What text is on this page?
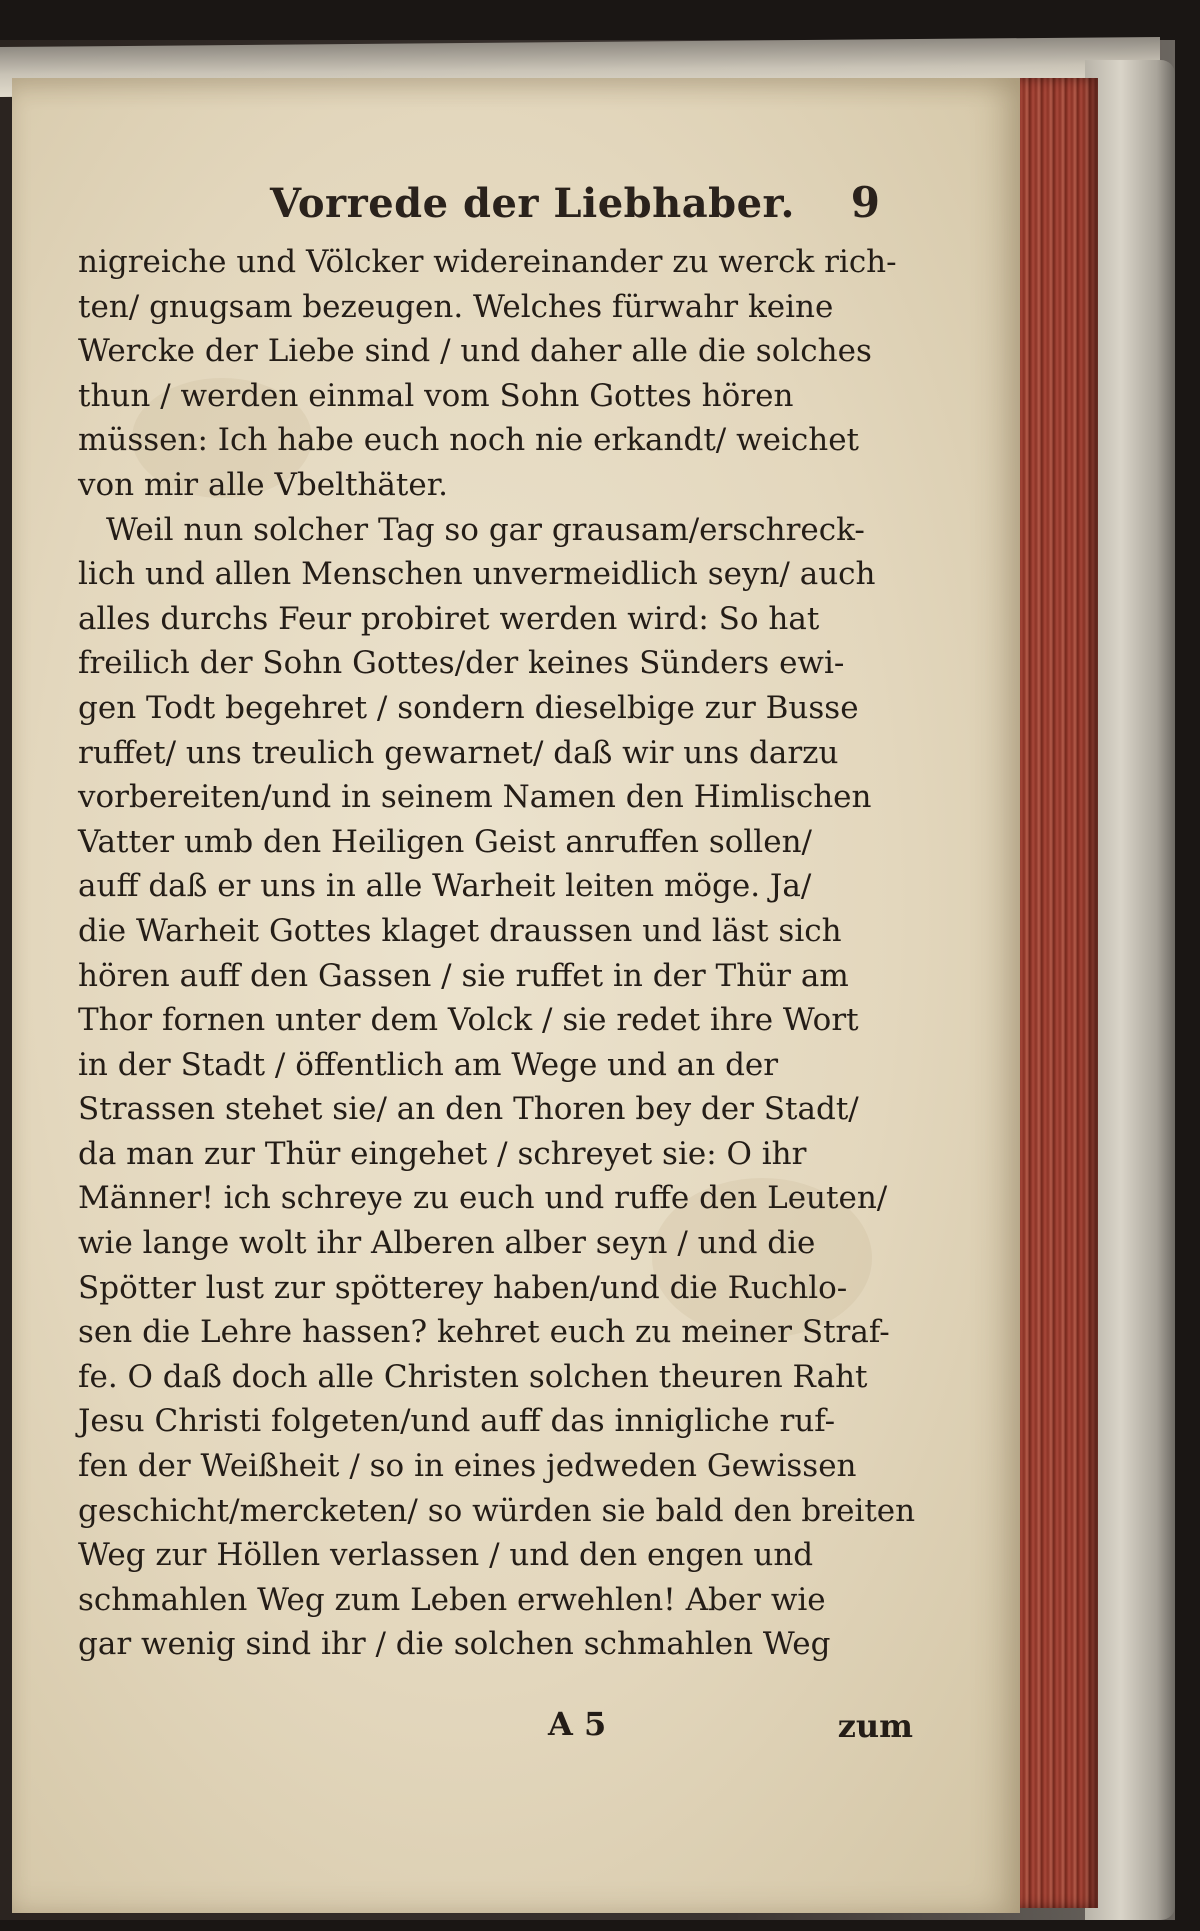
Vorrede der Liebhaber. 9
nigreiche und Völcker widereinander zu werck rich-
ten/ gnugsam bezeugen. Welches fürwahr keine
Wercke der Liebe sind / und daher alle die solches
thun / werden einmal vom Sohn Gottes hören
müssen: Ich habe euch noch nie erkandt/ weichet
von mir alle Vbelthäter.
Weil nun solcher Tag so gar grausam/erschreck-
lich und allen Menschen unvermeidlich seyn/ auch
alles durchs Feur probiret werden wird: So hat
freilich der Sohn Gottes/der keines Sünders ewi-
gen Todt begehret / sondern dieselbige zur Busse
ruffet/ uns treulich gewarnet/ daß wir uns darzu
vorbereiten/und in seinem Namen den Himlischen
Vatter umb den Heiligen Geist anruffen sollen/
auff daß er uns in alle Warheit leiten möge. Ja/
die Warheit Gottes klaget draussen und läst sich
hören auff den Gassen / sie ruffet in der Thür am
Thor fornen unter dem Volck / sie redet ihre Wort
in der Stadt / öffentlich am Wege und an der
Strassen stehet sie/ an den Thoren bey der Stadt/
da man zur Thür eingehet / schreyet sie: O ihr
Männer! ich schreye zu euch und ruffe den Leuten/
wie lange wolt ihr Alberen alber seyn / und die
Spötter lust zur spötterey haben/und die Ruchlo-
sen die Lehre hassen? kehret euch zu meiner Straf-
fe. O daß doch alle Christen solchen theuren Raht
Jesu Christi folgeten/und auff das innigliche ruf-
fen der Weißheit / so in eines jedweden Gewissen
geschicht/mercketen/ so würden sie bald den breiten
Weg zur Höllen verlassen / und den engen und
schmahlen Weg zum Leben erwehlen! Aber wie
gar wenig sind ihr / die solchen schmahlen Weg
A 5	zum
